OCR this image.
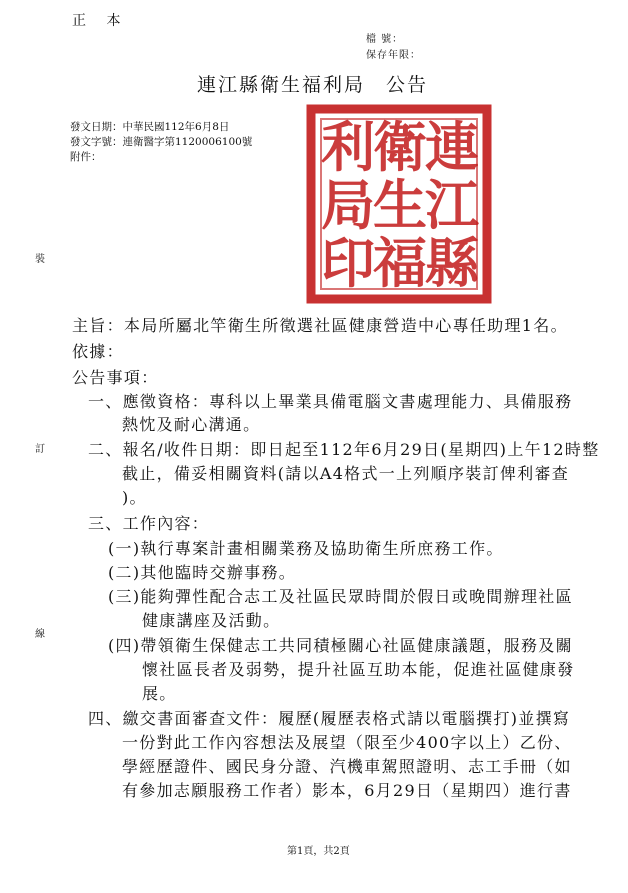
正 本
檔 號：
保存年限：
連江縣衛生福利局　公告
發文日期：中華民國112年6月8日
發文字號：連衛醫字第1120006100號
附件：	連
江
縣
衛
生
福
利
局
印
裝
訂
線
主旨：本局所屬北竿衛生所徵選社區健康營造中心專任助理1名。
依據：
公告事項：
一、應徵資格：專科以上畢業具備電腦文書處理能力、具備服務
熱忱及耐心溝通。
二、報名/收件日期：即日起至112年6月29日(星期四)上午12時整
截止，備妥相關資料(請以A4格式一上列順序裝訂俾利審查
)。
三、工作內容：
(一)執行專案計畫相關業務及協助衛生所庶務工作。
(二)其他臨時交辦事務。
(三)能夠彈性配合志工及社區民眾時間於假日或晚間辦理社區
健康講座及活動。
(四)帶領衛生保健志工共同積極關心社區健康議題，服務及關
懷社區長者及弱勢，提升社區互助本能，促進社區健康發
展。
四、繳交書面審查文件：履歷(履歷表格式請以電腦撰打)並撰寫
一份對此工作內容想法及展望（限至少400字以上）乙份、
學經歷證件、國民身分證、汽機車駕照證明、志工手冊（如
有參加志願服務工作者）影本，6月29日（星期四）進行書
第1頁，共2頁
